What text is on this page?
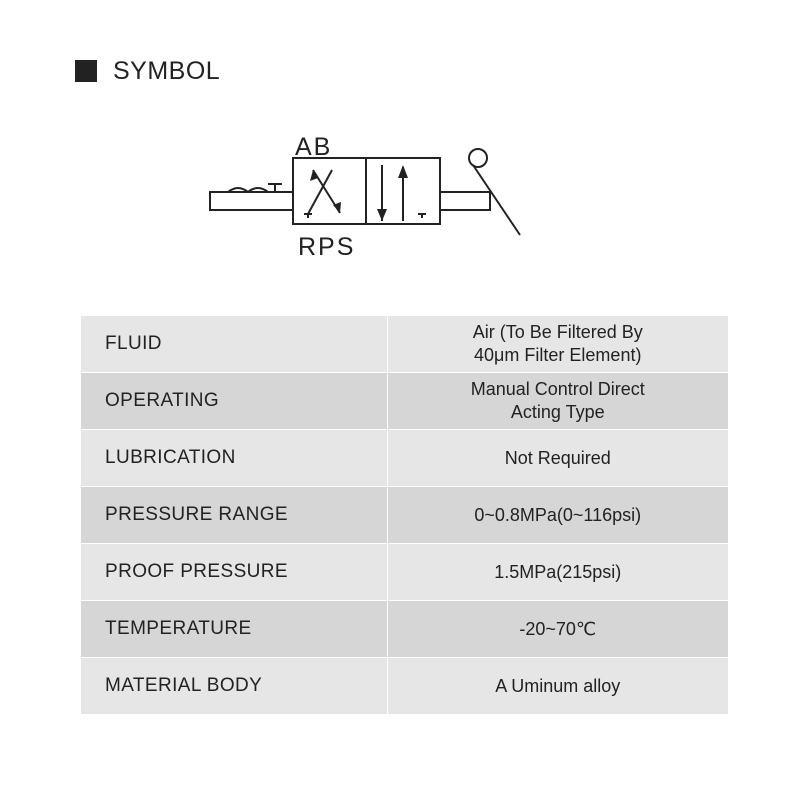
SYMBOL
AB
RPS
FLUID	Air (To Be Filtered By
40μm Filter Element)
OPERATING	Manual Control Direct
Acting Type
LUBRICATION	Not Required
PRESSURE RANGE	0~0.8MPa(0~116psi)
PROOF PRESSURE	1.5MPa(215psi)
TEMPERATURE	-20~70℃
MATERIAL BODY	A Uminum alloy
